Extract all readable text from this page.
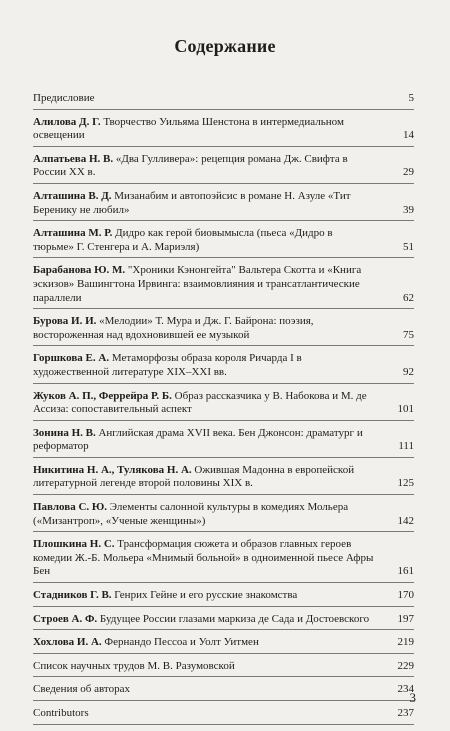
Содержание
Предисловие	5
Алилова Д. Г. Творчество Уильяма Шенстона в интермедиальном освещении	14
Алпатьева Н. В. «Два Гулливера»: рецепция романа Дж. Свифта в России XX в.	29
Алташина В. Д. Мизанабим и автопоэйсис в романе Н. Азуле «Тит Беренику не любил»	39
Алташина М. Р. Дидро как герой биовымысла (пьеса «Дидро в тюрьме» Г. Стенгера и А. Мариэля)	51
Барабанова Ю. М. "Хроники Кэнонгейта" Вальтера Скотта и «Книга эскизов» Вашингтона Ирвинга: взаимовлияния и трансатлантические параллели	62
Бурова И. И. «Мелодии» Т. Мура и Дж. Г. Байрона: поэзия, востороженная над вдохновившей ее музыкой	75
Горшкова Е. А. Метаморфозы образа короля Ричарда I в художественной литературе XIX–XXI вв.	92
Жуков А. П., Феррейра Р. Б. Образ рассказчика у В. Набокова и М. де Ассиза: сопоставительный аспект	101
Зонина Н. В. Английская драма XVII века. Бен Джонсон: драматург и реформатор	111
Никитина Н. А., Тулякова Н. А. Ожившая Мадонна в европейской литературной легенде второй половины XIX в.	125
Павлова С. Ю. Элементы салонной культуры в комедиях Мольера («Мизантроп», «Ученые женщины»)	142
Плошкина Н. С. Трансформация сюжета и образов главных героев комедии Ж.-Б. Мольера «Мнимый больной» в одноименной пьесе Афры Бен	161
Стадников Г. В. Генрих Гейне и его русские знакомства	170
Строев А. Ф. Будущее России глазами маркиза де Сада и Достоевского	197
Хохлова И. А. Фернандо Пессоа и Уолт Уитмен	219
Список научных трудов М. В. Разумовской	229
Сведения об авторах	234
Contributors	237
3
